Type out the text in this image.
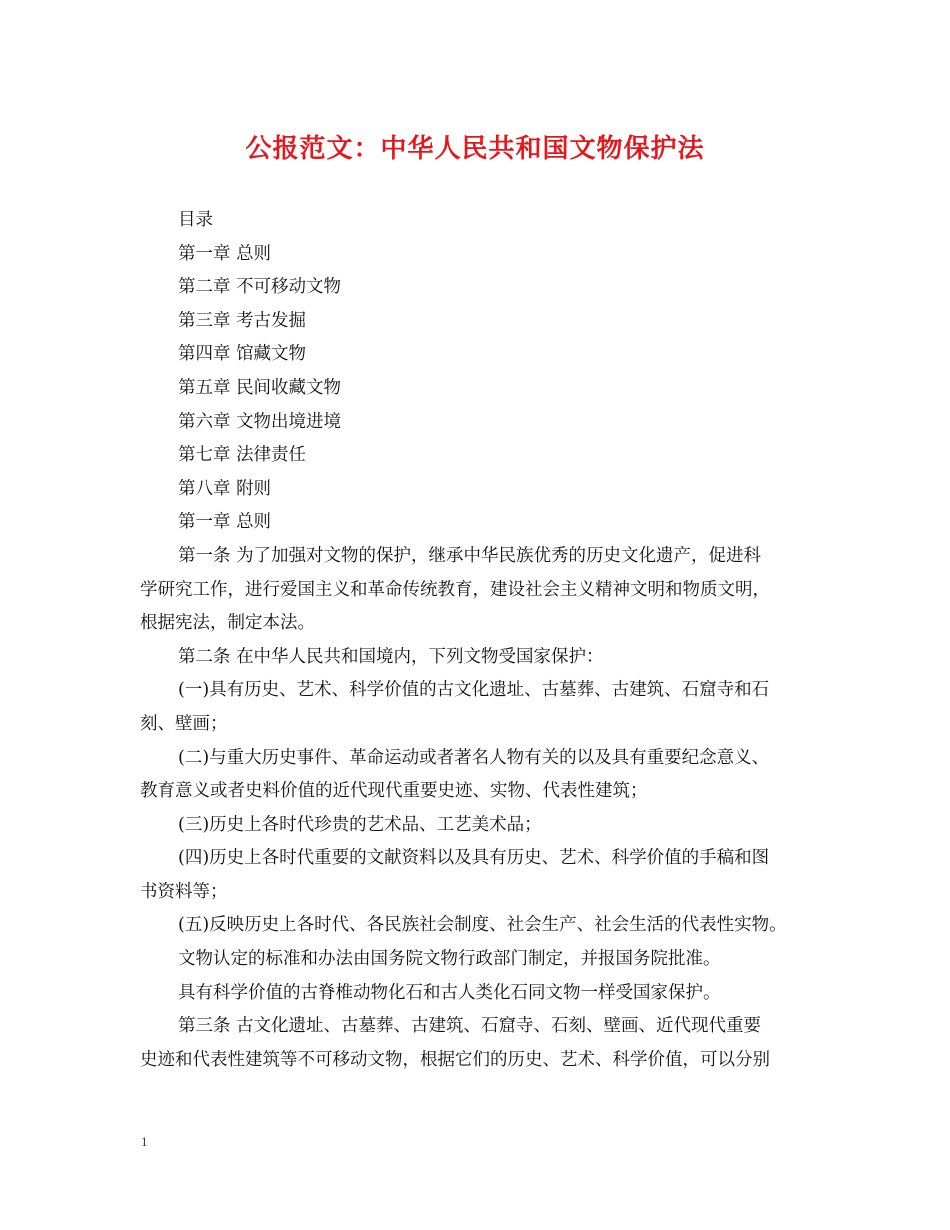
公报范文：中华人民共和国文物保护法
目录
第一章 总则
第二章 不可移动文物
第三章 考古发掘
第四章 馆藏文物
第五章 民间收藏文物
第六章 文物出境进境
第七章 法律责任
第八章 附则
第一章 总则
第一条 为了加强对文物的保护，继承中华民族优秀的历史文化遗产，促进科
学研究工作，进行爱国主义和革命传统教育，建设社会主义精神文明和物质文明，
根据宪法，制定本法。
第二条 在中华人民共和国境内，下列文物受国家保护：
(一)具有历史、艺术、科学价值的古文化遗址、古墓葬、古建筑、石窟寺和石
刻、壁画；
(二)与重大历史事件、革命运动或者著名人物有关的以及具有重要纪念意义、
教育意义或者史料价值的近代现代重要史迹、实物、代表性建筑；
(三)历史上各时代珍贵的艺术品、工艺美术品；
(四)历史上各时代重要的文献资料以及具有历史、艺术、科学价值的手稿和图
书资料等；
(五)反映历史上各时代、各民族社会制度、社会生产、社会生活的代表性实物。
文物认定的标准和办法由国务院文物行政部门制定，并报国务院批准。
具有科学价值的古脊椎动物化石和古人类化石同文物一样受国家保护。
第三条 古文化遗址、古墓葬、古建筑、石窟寺、石刻、壁画、近代现代重要
史迹和代表性建筑等不可移动文物，根据它们的历史、艺术、科学价值，可以分别
1
